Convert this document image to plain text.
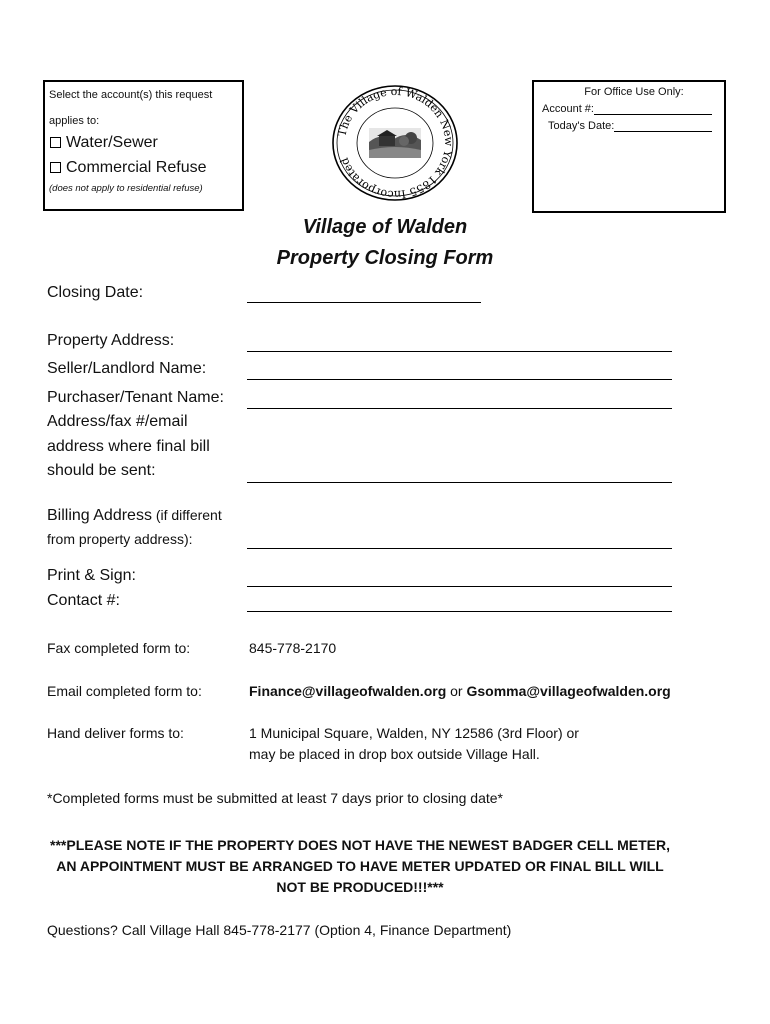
Select the account(s) this request
applies to:
Water/Sewer
Commercial Refuse
(does not apply to residential refuse)
The Village of Walden New York 1855 Incorporated
For Office Use Only:
Account #:
Today's Date:
Village of Walden
Property Closing Form
Closing Date:
Property Address:
Seller/Landlord Name:
Purchaser/Tenant Name:
Address/fax #/email
address where final bill
should be sent:
Billing Address (if different
from property address):
Print & Sign:
Contact #:
Fax completed form to:	845-778-2170
Email completed form to:	Finance@villageofwalden.org or Gsomma@villageofwalden.org
Hand deliver forms to:	1 Municipal Square, Walden, NY 12586 (3rd Floor) or
may be placed in drop box outside Village Hall.
*Completed forms must be submitted at least 7 days prior to closing date*
***PLEASE NOTE IF THE PROPERTY DOES NOT HAVE THE NEWEST BADGER CELL METER,
AN APPOINTMENT MUST BE ARRANGED TO HAVE METER UPDATED OR FINAL BILL WILL
NOT BE PRODUCED!!!***
Questions? Call Village Hall 845-778-2177 (Option 4, Finance Department)
